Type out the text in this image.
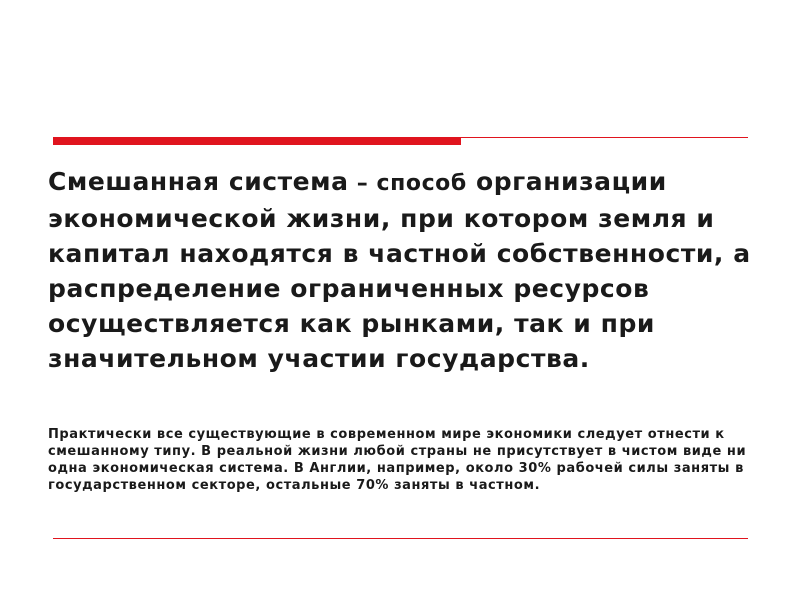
Смешанная система – способ организации экономической жизни, при котором земля и капитал находятся в частной собственности, а распределение ограниченных ресурсов осуществляется как рынками, так и при значительном участии государства.

Практически все существующие в современном мире экономики следует отнести к смешанному типу. В реальной жизни любой страны не присутствует в чистом виде ни одна экономическая система. В Англии, например, около 30% рабочей силы заняты в государственном секторе, остальные 70% заняты в частном.
